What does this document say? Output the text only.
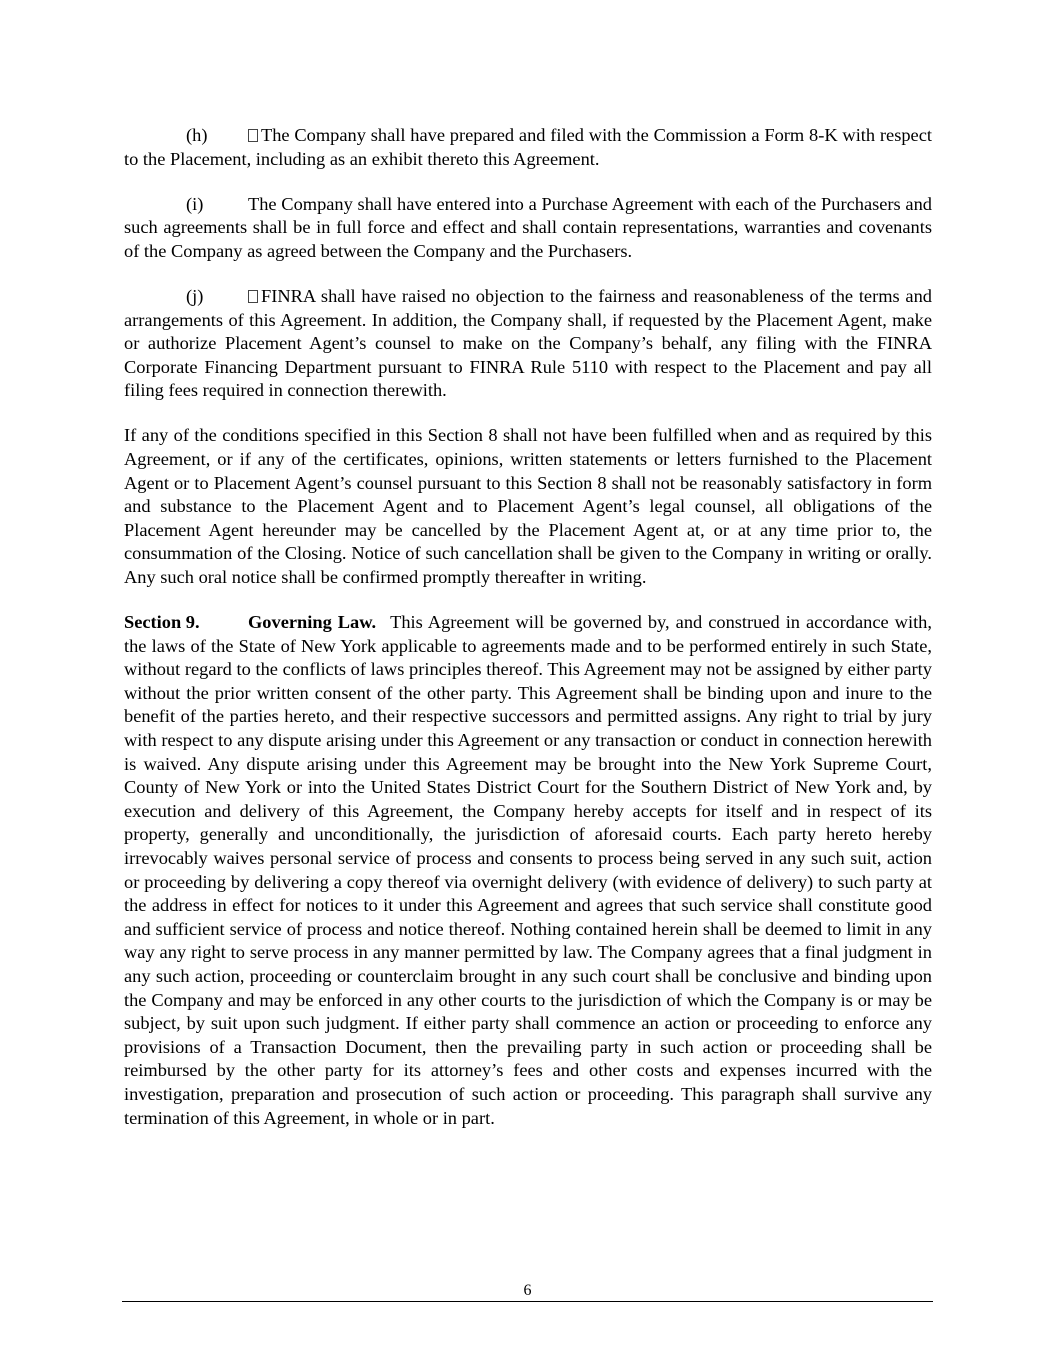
(h)	The Company shall have prepared and filed with the Commission a Form 8-K with respect to the Placement, including as an exhibit thereto this Agreement.

(i) The Company shall have entered into a Purchase Agreement with each of the Purchasers and such agreements shall be in full force and effect and shall contain representations, warranties and covenants of the Company as agreed between the Company and the Purchasers.

(j)	FINRA shall have raised no objection to the fairness and reasonableness of the terms and arrangements of this Agreement. In addition, the Company shall, if requested by the Placement Agent, make or authorize Placement Agent’s counsel to make on the Company’s behalf, any filing with the FINRA Corporate Financing Department pursuant to FINRA Rule 5110 with respect to the Placement and pay all filing fees required in connection therewith.

If any of the conditions specified in this Section 8 shall not have been fulfilled when and as required by this Agreement, or if any of the certificates, opinions, written statements or letters furnished to the Placement Agent or to Placement Agent’s counsel pursuant to this Section 8 shall not be reasonably satisfactory in form and substance to the Placement Agent and to Placement Agent’s legal counsel, all obligations of the Placement Agent hereunder may be cancelled by the Placement Agent at, or at any time prior to, the consummation of the Closing. Notice of such cancellation shall be given to the Company in writing or orally. Any such oral notice shall be confirmed promptly thereafter in writing.

Section 9.	Governing Law. This Agreement will be governed by, and construed in accordance with, the laws of the State of New York applicable to agreements made and to be performed entirely in such State, without regard to the conflicts of laws principles thereof. This Agreement may not be assigned by either party without the prior written consent of the other party. This Agreement shall be binding upon and inure to the benefit of the parties hereto, and their respective successors and permitted assigns. Any right to trial by jury with respect to any dispute arising under this Agreement or any transaction or conduct in connection herewith is waived. Any dispute arising under this Agreement may be brought into the New York Supreme Court, County of New York or into the United States District Court for the Southern District of New York and, by execution and delivery of this Agreement, the Company hereby accepts for itself and in respect of its property, generally and unconditionally, the jurisdiction of aforesaid courts. Each party hereto hereby irrevocably waives personal service of process and consents to process being served in any such suit, action or proceeding by delivering a copy thereof via overnight delivery (with evidence of delivery) to such party at the address in effect for notices to it under this Agreement and agrees that such service shall constitute good and sufficient service of process and notice thereof. Nothing contained herein shall be deemed to limit in any way any right to serve process in any manner permitted by law. The Company agrees that a final judgment in any such action, proceeding or counterclaim brought in any such court shall be conclusive and binding upon the Company and may be enforced in any other courts to the jurisdiction of which the Company is or may be subject, by suit upon such judgment. If either party shall commence an action or proceeding to enforce any provisions of a Transaction Document, then the prevailing party in such action or proceeding shall be reimbursed by the other party for its attorney’s fees and other costs and expenses incurred with the investigation, preparation and prosecution of such action or proceeding. This paragraph shall survive any termination of this Agreement, in whole or in part.

6
